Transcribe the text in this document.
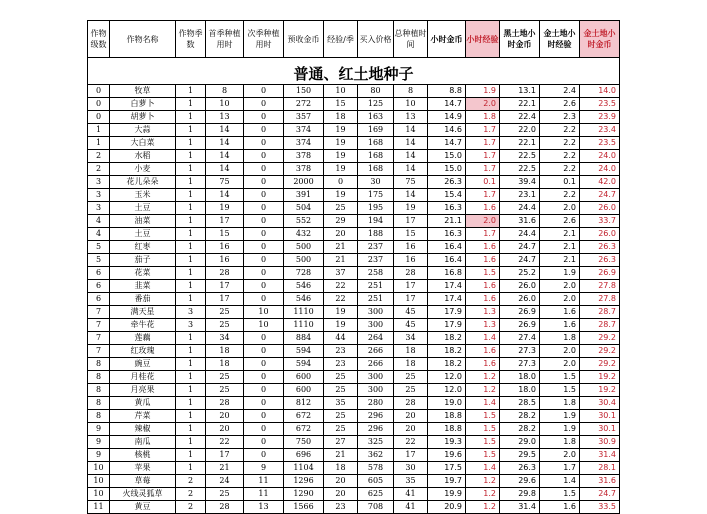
作物级数	作物名称	作物季数	首季种植用时	次季种植用时	预收金币	经验/季	买入价格	总种植时间	小时金币	小时经验	黑土地小时金币	金土地小时经验	金土地小时金币

普通、红土地种子													
0	牧草	1	8	0	150	10	80	8	8.8	1.9	13.1	2.4	14.0
0	白萝卜	1	10	0	272	15	125	10	14.7	2.0	22.1	2.6	23.5
0	胡萝卜	1	13	0	357	18	163	13	14.9	1.8	22.4	2.3	23.9
1	大蒜	1	14	0	374	19	169	14	14.6	1.7	22.0	2.2	23.4
1	大白菜	1	14	0	374	19	168	14	14.7	1.7	22.1	2.2	23.5
2	水稻	1	14	0	378	19	168	14	15.0	1.7	22.5	2.2	24.0
2	小麦	1	14	0	378	19	168	14	15.0	1.7	22.5	2.2	24.0
3	花儿朵朵	1	75	0	2000	0	30	75	26.3	0.1	39.4	0.1	42.0
3	玉米	1	14	0	391	19	175	14	15.4	1.7	23.1	2.2	24.7
3	土豆	1	19	0	504	25	195	19	16.3	1.6	24.4	2.0	26.0
4	油菜	1	17	0	552	29	194	17	21.1	2.0	31.6	2.6	33.7
4	土豆	1	15	0	432	20	188	15	16.3	1.7	24.4	2.1	26.0
5	红枣	1	16	0	500	21	237	16	16.4	1.6	24.7	2.1	26.3
5	茄子	1	16	0	500	21	237	16	16.4	1.6	24.7	2.1	26.3
6	花菜	1	28	0	728	37	258	28	16.8	1.5	25.2	1.9	26.9
6	韭菜	1	17	0	546	22	251	17	17.4	1.6	26.0	2.0	27.8
6	番茄	1	17	0	546	22	251	17	17.4	1.6	26.0	2.0	27.8
7	满天星	3	25	10	1110	19	300	45	17.9	1.3	26.9	1.6	28.7
7	牵牛花	3	25	10	1110	19	300	45	17.9	1.3	26.9	1.6	28.7
7	莲藕	1	34	0	884	44	264	34	18.2	1.4	27.4	1.8	29.2
7	红玫瑰	1	18	0	594	23	266	18	18.2	1.6	27.3	2.0	29.2
8	豌豆	1	18	0	594	23	266	18	18.2	1.6	27.3	2.0	29.2
8	月桂花	1	25	0	600	25	300	25	12.0	1.2	18.0	1.5	19.2
8	月亮果	1	25	0	600	25	300	25	12.0	1.2	18.0	1.5	19.2
8	黄瓜	1	28	0	812	35	280	28	19.0	1.4	28.5	1.8	30.4
8	芹菜	1	20	0	672	25	296	20	18.8	1.5	28.2	1.9	30.1
9	辣椒	1	20	0	672	25	296	20	18.8	1.5	28.2	1.9	30.1
9	南瓜	1	22	0	750	27	325	22	19.3	1.5	29.0	1.8	30.9
9	核桃	1	17	0	696	21	362	17	19.6	1.5	29.5	2.0	31.4
10	苹果	1	21	9	1104	18	578	30	17.5	1.4	26.3	1.7	28.1
10	草莓	2	24	11	1296	20	605	35	19.7	1.2	29.6	1.4	31.6
10	火线灵狐草	2	25	11	1290	20	625	41	19.9	1.2	29.8	1.5	24.7
11	黄豆	2	28	13	1566	23	708	41	20.9	1.2	31.4	1.6	33.5
